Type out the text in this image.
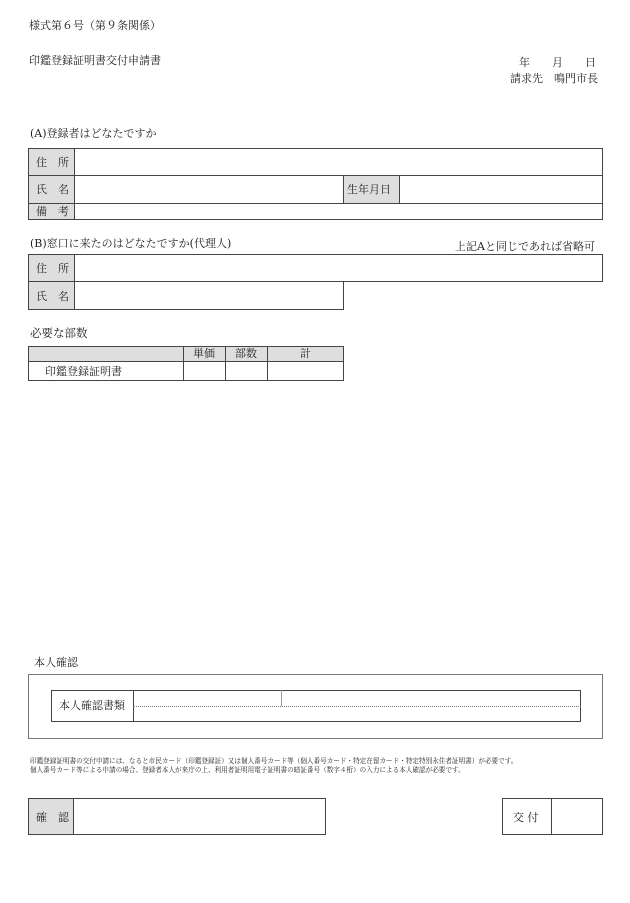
様式第６号（第９条関係）
印鑑登録証明書交付申請書	年　　月　　日
請求先　鳴門市長
(A)登録者はどなたですか
住　所
氏　名	生年月日
備　考
(B)窓口に来たのはどなたですか(代理人)	上記Aと同じであれば省略可
住　所
氏　名
必要な部数
単価 部数	計
印鑑登録証明書
本人確認
本人確認書類
印鑑登録証明書の交付申請には、なると市民カード（印鑑登録証）又は個人番号カード等（個人番号カード・特定在留カード・特定特別永住者証明書）が必要です。
個人番号カード等による申請の場合、登録者本人が来庁の上、利用者証明用電子証明書の暗証番号（数字４桁）の入力による本人確認が必要です。
確　認	交 付
